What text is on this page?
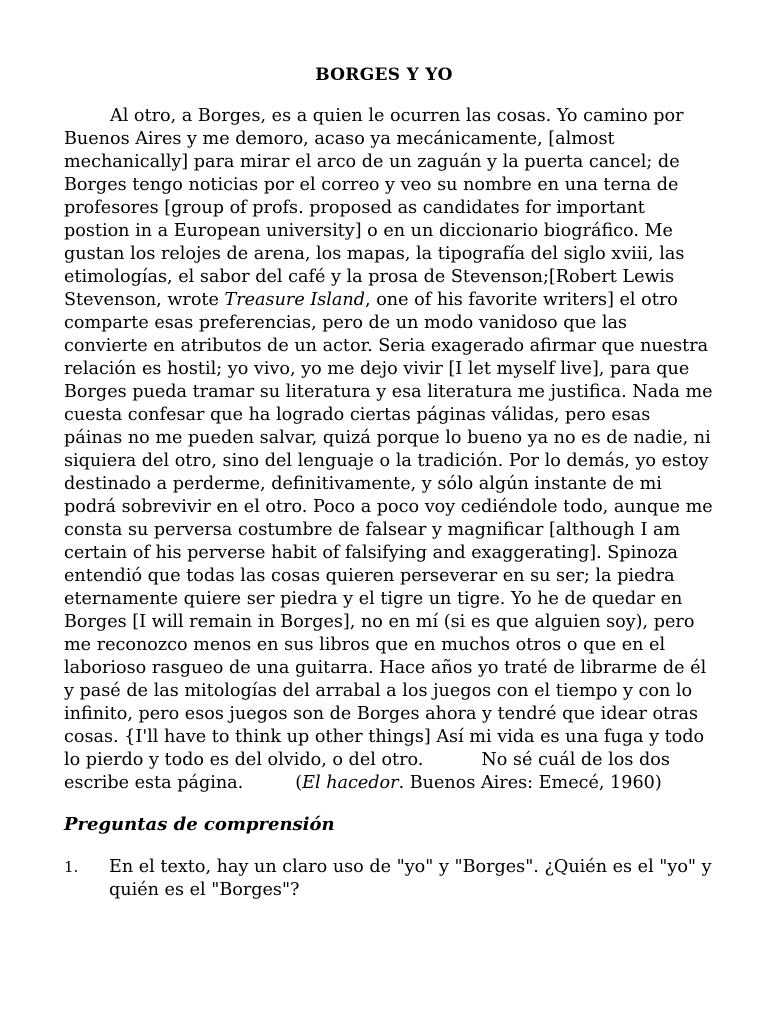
BORGES Y YO
Al otro, a Borges, es a quien le ocurren las cosas. Yo camino por Buenos Aires y me demoro, acaso ya mecánicamente, [almost mechanically] para mirar el arco de un zaguán y la puerta cancel; de Borges tengo noticias por el correo y veo su nombre en una terna de profesores [group of profs. proposed as candidates for important postion in a European university] o en un diccionario biográfico. Me gustan los relojes de arena, los mapas, la tipografía del siglo xviii, las etimologías, el sabor del café y la prosa de Stevenson;[Robert Lewis Stevenson, wrote Treasure Island, one of his favorite writers] el otro comparte esas preferencias, pero de un modo vanidoso que las convierte en atributos de un actor. Seria exagerado afirmar que nuestra relación es hostil; yo vivo, yo me dejo vivir [I let myself live], para que Borges pueda tramar su literatura y esa literatura me justifica. Nada me cuesta confesar que ha logrado ciertas páginas válidas, pero esas páinas no me pueden salvar, quizá porque lo bueno ya no es de nadie, ni siquiera del otro, sino del lenguaje o la tradición. Por lo demás, yo estoy destinado a perderme, definitivamente, y sólo algún instante de mi podrá sobrevivir en el otro. Poco a poco voy cediéndole todo, aunque me consta su perversa costumbre de falsear y magnificar [although I am certain of his perverse habit of falsifying and exaggerating]. Spinoza entendió que todas las cosas quieren perseverar en su ser; la piedra eternamente quiere ser piedra y el tigre un tigre. Yo he de quedar en Borges [I will remain in Borges], no en mí (si es que alguien soy), pero me reconozco menos en sus libros que en muchos otros o que en el laborioso rasgueo de una guitarra. Hace años yo traté de librarme de él y pasé de las mitologías del arrabal a los juegos con el tiempo y con lo infinito, pero esos juegos son de Borges ahora y tendré que idear otras cosas. {I'll have to think up other things] Así mi vida es una fuga y todo lo pierdo y todo es del olvido, o del otro.	No sé cuál de los dos escribe esta página.	(El hacedor. Buenos Aires: Emecé, 1960)
Preguntas de comprensión
1. En el texto, hay un claro uso de "yo" y "Borges". ¿Quién es el "yo" y quién es el "Borges"?
